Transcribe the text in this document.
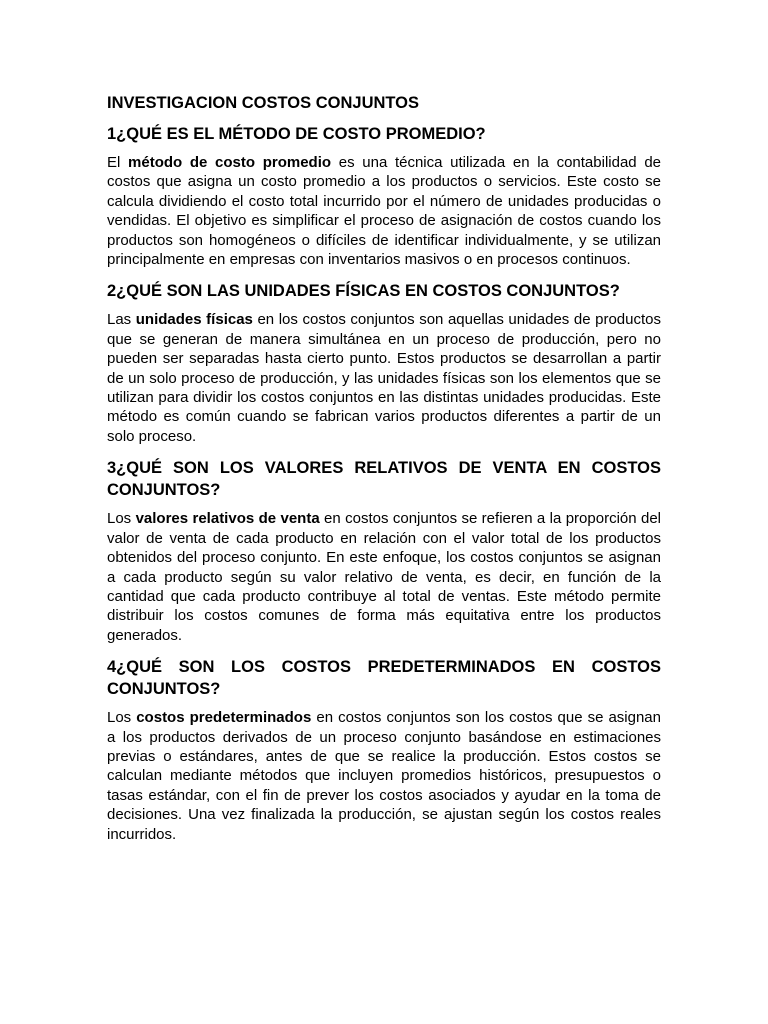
INVESTIGACION COSTOS CONJUNTOS
1¿QUÉ ES EL MÉTODO DE COSTO PROMEDIO?

El método de costo promedio es una técnica utilizada en la contabilidad de costos que asigna un costo promedio a los productos o servicios. Este costo se calcula dividiendo el costo total incurrido por el número de unidades producidas o vendidas. El objetivo es simplificar el proceso de asignación de costos cuando los productos son homogéneos o difíciles de identificar individualmente, y se utilizan principalmente en empresas con inventarios masivos o en procesos continuos.

2¿QUÉ SON LAS UNIDADES FÍSICAS EN COSTOS CONJUNTOS?

Las unidades físicas en los costos conjuntos son aquellas unidades de productos que se generan de manera simultánea en un proceso de producción, pero no pueden ser separadas hasta cierto punto. Estos productos se desarrollan a partir de un solo proceso de producción, y las unidades físicas son los elementos que se utilizan para dividir los costos conjuntos en las distintas unidades producidas. Este método es común cuando se fabrican varios productos diferentes a partir de un solo proceso.

3¿QUÉ SON LOS VALORES RELATIVOS DE VENTA EN COSTOS CONJUNTOS?

Los valores relativos de venta en costos conjuntos se refieren a la proporción del valor de venta de cada producto en relación con el valor total de los productos obtenidos del proceso conjunto. En este enfoque, los costos conjuntos se asignan a cada producto según su valor relativo de venta, es decir, en función de la cantidad que cada producto contribuye al total de ventas. Este método permite distribuir los costos comunes de forma más equitativa entre los productos generados.

4¿QUÉ SON LOS COSTOS PREDETERMINADOS EN COSTOS CONJUNTOS?

Los costos predeterminados en costos conjuntos son los costos que se asignan a los productos derivados de un proceso conjunto basándose en estimaciones previas o estándares, antes de que se realice la producción. Estos costos se calculan mediante métodos que incluyen promedios históricos, presupuestos o tasas estándar, con el fin de prever los costos asociados y ayudar en la toma de decisiones. Una vez finalizada la producción, se ajustan según los costos reales incurridos.
